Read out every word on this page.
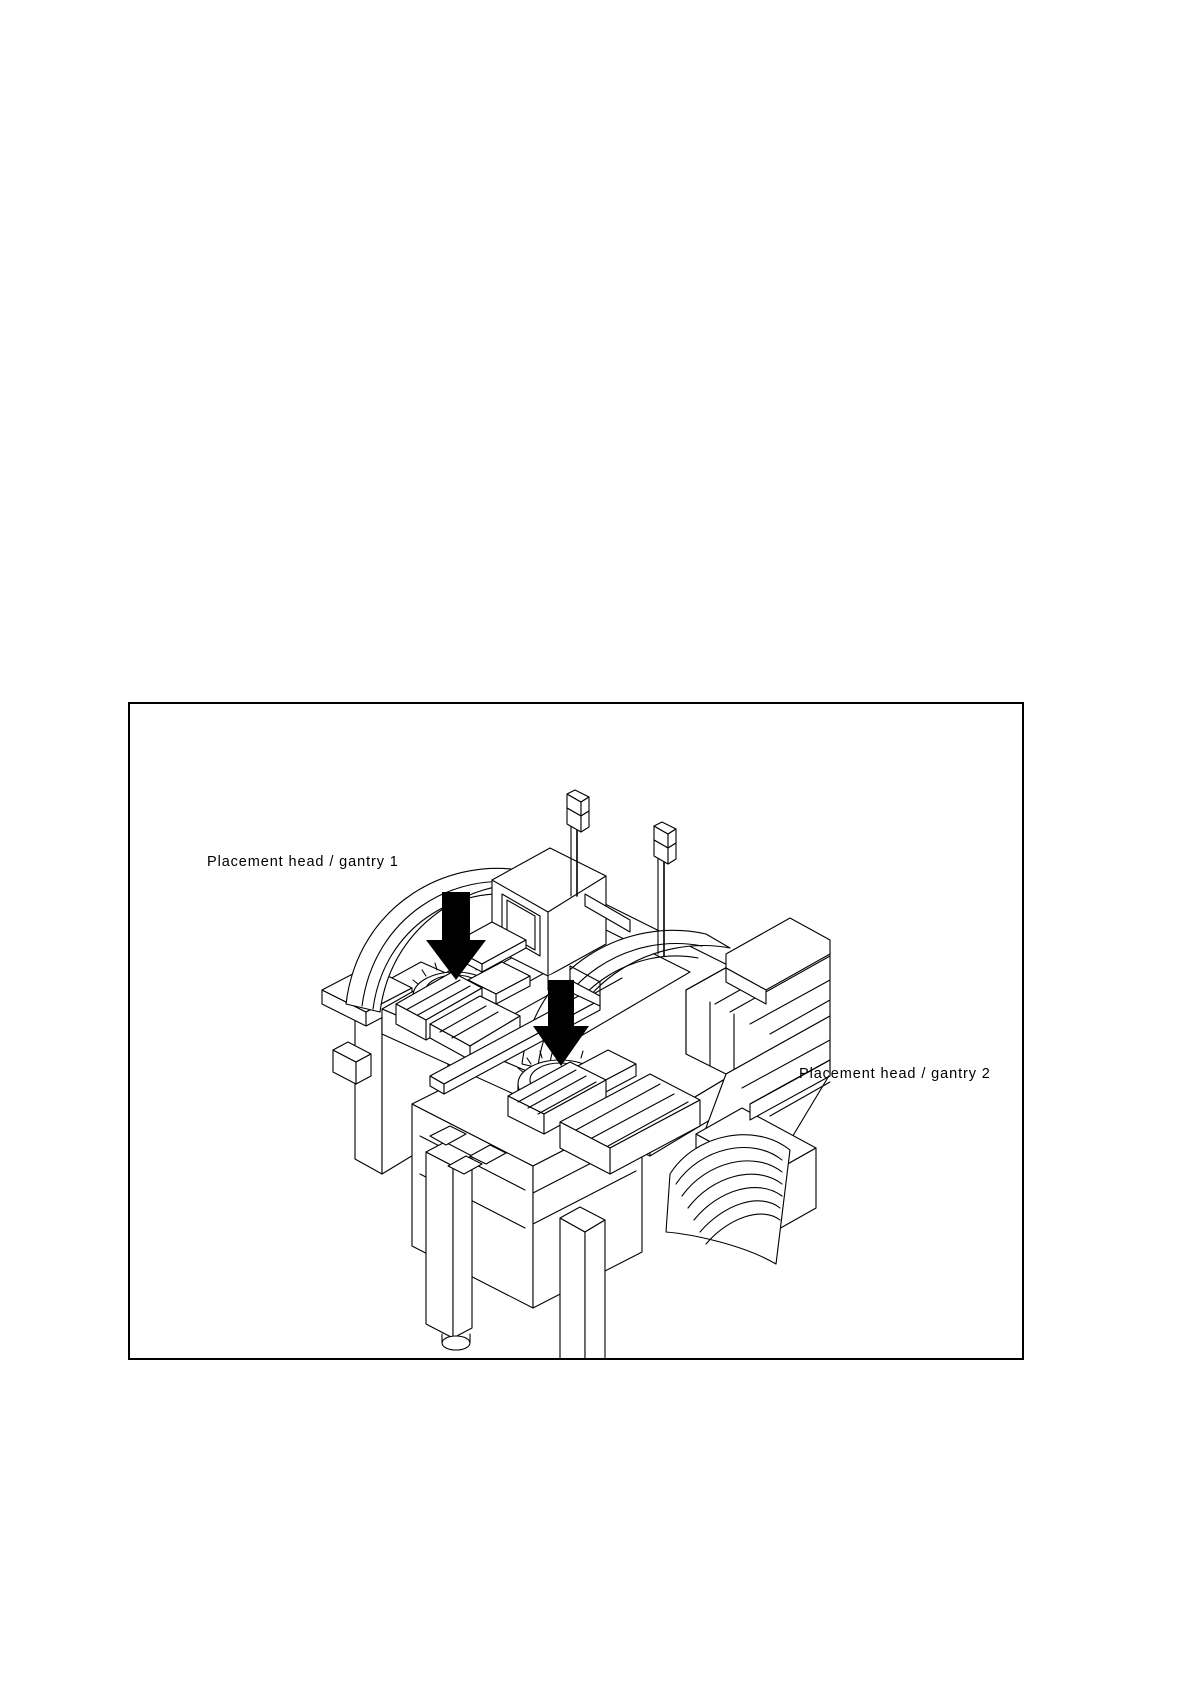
Placement head / gantry 1
Placement head / gantry 2
